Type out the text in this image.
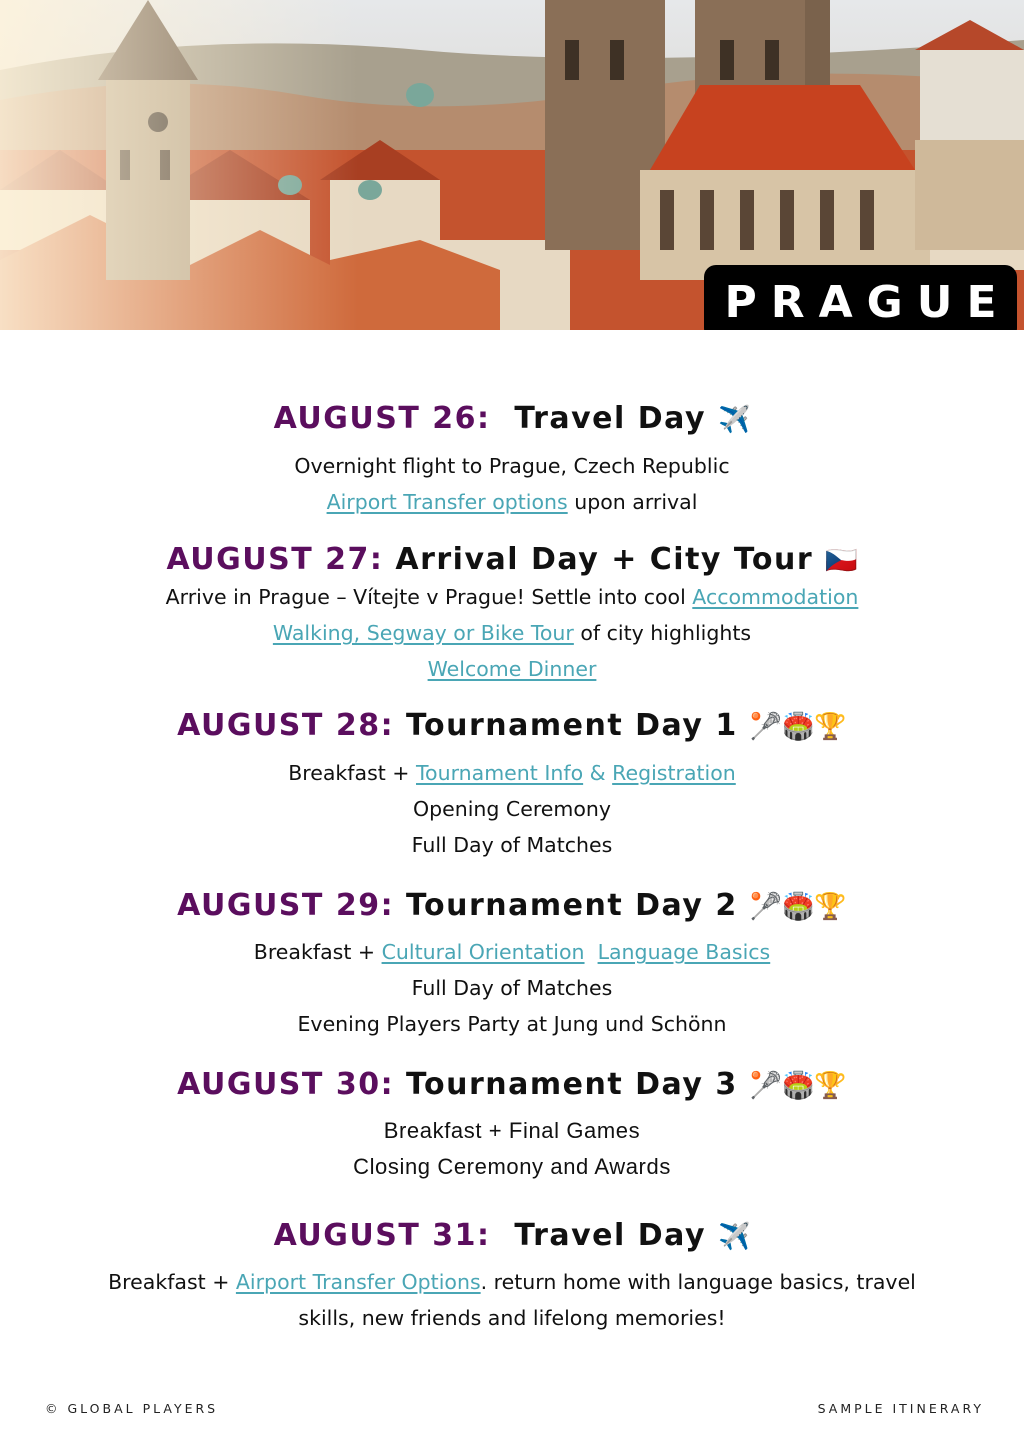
PRAGUE
AUGUST 26: Travel Day ✈️
Overnight flight to Prague, Czech Republic
Airport Transfer options upon arrival
AUGUST 27: Arrival Day + City Tour 🇨🇿
Arrive in Prague – Vítejte v Prague! Settle into cool Accommodation
Walking, Segway or Bike Tour of city highlights
Welcome Dinner
AUGUST 28: Tournament Day 1 🥍🏟️🏆
Breakfast + Tournament Info & Registration
Opening Ceremony
Full Day of Matches
AUGUST 29: Tournament Day 2 🥍🏟️🏆
Breakfast + Cultural Orientation Language Basics
Full Day of Matches
Evening Players Party at Jung und Schönn
AUGUST 30: Tournament Day 3 🥍🏟️🏆
Breakfast + Final Games
Closing Ceremony and Awards
AUGUST 31: Travel Day ✈️
Breakfast + Airport Transfer Options. return home with language basics, travel
skills, new friends and lifelong memories!
© GLOBAL PLAYERS	SAMPLE ITINERARY
